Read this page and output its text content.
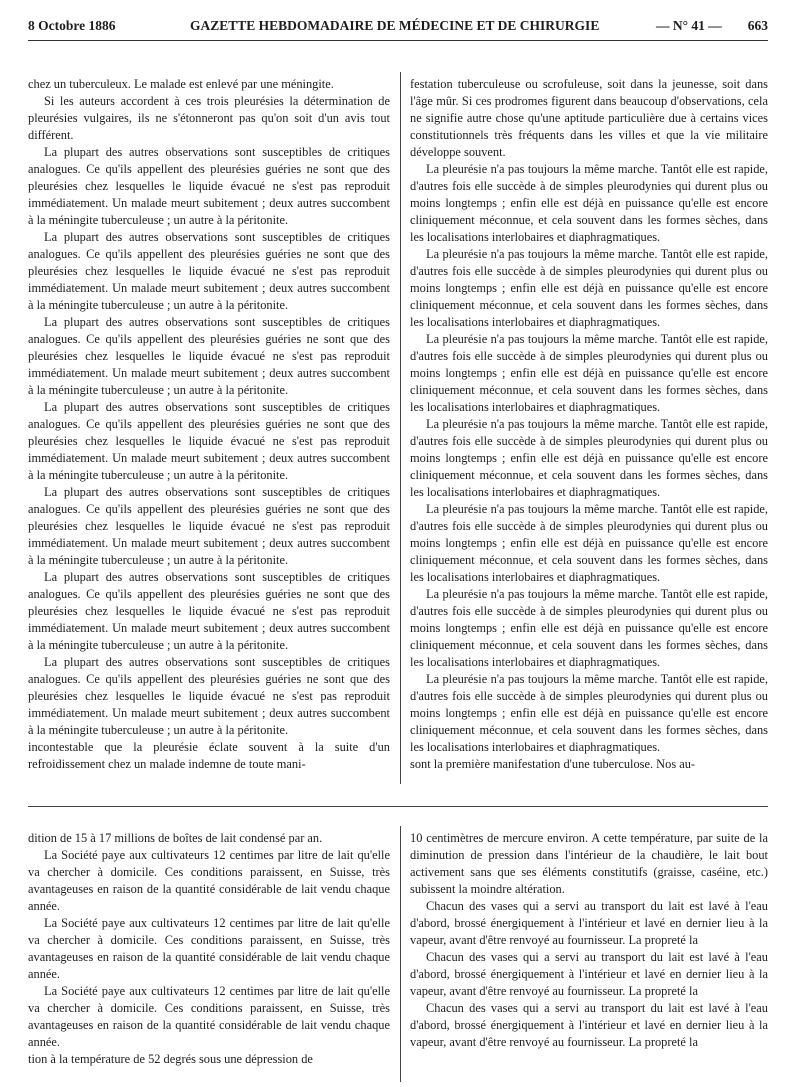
8 Octobre 1886	GAZETTE HEBDOMADAIRE DE MÉDECINE ET DE CHIRURGIE	— N° 41 — 663

chez un tuberculeux. Le malade est enlevé par une méningite.

Si les auteurs accordent à ces trois pleurésies la détermination de pleurésies vulgaires, ils ne s'étonneront pas qu'on soit d'un avis tout différent.

La plupart des autres observations sont susceptibles de critiques analogues. Ce qu'ils appellent des pleurésies guéries ne sont que des pleurésies chez lesquelles le liquide évacué ne s'est pas reproduit immédiatement. Un malade meurt subitement ; deux autres succombent à la méningite tuberculeuse ; un autre à la péritonite.

La plupart des autres observations sont susceptibles de critiques analogues. Ce qu'ils appellent des pleurésies guéries ne sont que des pleurésies chez lesquelles le liquide évacué ne s'est pas reproduit immédiatement. Un malade meurt subitement ; deux autres succombent à la méningite tuberculeuse ; un autre à la péritonite.

La plupart des autres observations sont susceptibles de critiques analogues. Ce qu'ils appellent des pleurésies guéries ne sont que des pleurésies chez lesquelles le liquide évacué ne s'est pas reproduit immédiatement. Un malade meurt subitement ; deux autres succombent à la méningite tuberculeuse ; un autre à la péritonite.

La plupart des autres observations sont susceptibles de critiques analogues. Ce qu'ils appellent des pleurésies guéries ne sont que des pleurésies chez lesquelles le liquide évacué ne s'est pas reproduit immédiatement. Un malade meurt subitement ; deux autres succombent à la méningite tuberculeuse ; un autre à la péritonite.

La plupart des autres observations sont susceptibles de critiques analogues. Ce qu'ils appellent des pleurésies guéries ne sont que des pleurésies chez lesquelles le liquide évacué ne s'est pas reproduit immédiatement. Un malade meurt subitement ; deux autres succombent à la méningite tuberculeuse ; un autre à la péritonite.

La plupart des autres observations sont susceptibles de critiques analogues. Ce qu'ils appellent des pleurésies guéries ne sont que des pleurésies chez lesquelles le liquide évacué ne s'est pas reproduit immédiatement. Un malade meurt subitement ; deux autres succombent à la méningite tuberculeuse ; un autre à la péritonite.

La plupart des autres observations sont susceptibles de critiques analogues. Ce qu'ils appellent des pleurésies guéries ne sont que des pleurésies chez lesquelles le liquide évacué ne s'est pas reproduit immédiatement. Un malade meurt subitement ; deux autres succombent à la méningite tuberculeuse ; un autre à la péritonite.

incontestable que la pleurésie éclate souvent à la suite d'un refroidissement chez un malade indemne de toute mani-

festation tuberculeuse ou scrofuleuse, soit dans la jeunesse, soit dans l'âge mûr. Si ces prodromes figurent dans beaucoup d'observations, cela ne signifie autre chose qu'une aptitude particulière due à certains vices constitutionnels très fréquents dans les villes et que la vie militaire développe souvent.

La pleurésie n'a pas toujours la même marche. Tantôt elle est rapide, d'autres fois elle succède à de simples pleurodynies qui durent plus ou moins longtemps ; enfin elle est déjà en puissance qu'elle est encore cliniquement méconnue, et cela souvent dans les formes sèches, dans les localisations interlobaires et diaphragmatiques.

La pleurésie n'a pas toujours la même marche. Tantôt elle est rapide, d'autres fois elle succède à de simples pleurodynies qui durent plus ou moins longtemps ; enfin elle est déjà en puissance qu'elle est encore cliniquement méconnue, et cela souvent dans les formes sèches, dans les localisations interlobaires et diaphragmatiques.

La pleurésie n'a pas toujours la même marche. Tantôt elle est rapide, d'autres fois elle succède à de simples pleurodynies qui durent plus ou moins longtemps ; enfin elle est déjà en puissance qu'elle est encore cliniquement méconnue, et cela souvent dans les formes sèches, dans les localisations interlobaires et diaphragmatiques.

La pleurésie n'a pas toujours la même marche. Tantôt elle est rapide, d'autres fois elle succède à de simples pleurodynies qui durent plus ou moins longtemps ; enfin elle est déjà en puissance qu'elle est encore cliniquement méconnue, et cela souvent dans les formes sèches, dans les localisations interlobaires et diaphragmatiques.

La pleurésie n'a pas toujours la même marche. Tantôt elle est rapide, d'autres fois elle succède à de simples pleurodynies qui durent plus ou moins longtemps ; enfin elle est déjà en puissance qu'elle est encore cliniquement méconnue, et cela souvent dans les formes sèches, dans les localisations interlobaires et diaphragmatiques.

La pleurésie n'a pas toujours la même marche. Tantôt elle est rapide, d'autres fois elle succède à de simples pleurodynies qui durent plus ou moins longtemps ; enfin elle est déjà en puissance qu'elle est encore cliniquement méconnue, et cela souvent dans les formes sèches, dans les localisations interlobaires et diaphragmatiques.

La pleurésie n'a pas toujours la même marche. Tantôt elle est rapide, d'autres fois elle succède à de simples pleurodynies qui durent plus ou moins longtemps ; enfin elle est déjà en puissance qu'elle est encore cliniquement méconnue, et cela souvent dans les formes sèches, dans les localisations interlobaires et diaphragmatiques.

sont la première manifestation d'une tuberculose. Nos au-

dition de 15 à 17 millions de boîtes de lait condensé par an.

La Société paye aux cultivateurs 12 centimes par litre de lait qu'elle va chercher à domicile. Ces conditions paraissent, en Suisse, très avantageuses en raison de la quantité considérable de lait vendu chaque année.

La Société paye aux cultivateurs 12 centimes par litre de lait qu'elle va chercher à domicile. Ces conditions paraissent, en Suisse, très avantageuses en raison de la quantité considérable de lait vendu chaque année.

La Société paye aux cultivateurs 12 centimes par litre de lait qu'elle va chercher à domicile. Ces conditions paraissent, en Suisse, très avantageuses en raison de la quantité considérable de lait vendu chaque année.

tion à la température de 52 degrés sous une dépression de

10 centimètres de mercure environ. A cette température, par suite de la diminution de pression dans l'intérieur de la chaudière, le lait bout activement sans que ses éléments constitutifs (graisse, caséine, etc.) subissent la moindre altération.

Chacun des vases qui a servi au transport du lait est lavé à l'eau d'abord, brossé énergiquement à l'intérieur et lavé en dernier lieu à la vapeur, avant d'être renvoyé au fournisseur. La propreté la

Chacun des vases qui a servi au transport du lait est lavé à l'eau d'abord, brossé énergiquement à l'intérieur et lavé en dernier lieu à la vapeur, avant d'être renvoyé au fournisseur. La propreté la

Chacun des vases qui a servi au transport du lait est lavé à l'eau d'abord, brossé énergiquement à l'intérieur et lavé en dernier lieu à la vapeur, avant d'être renvoyé au fournisseur. La propreté la
